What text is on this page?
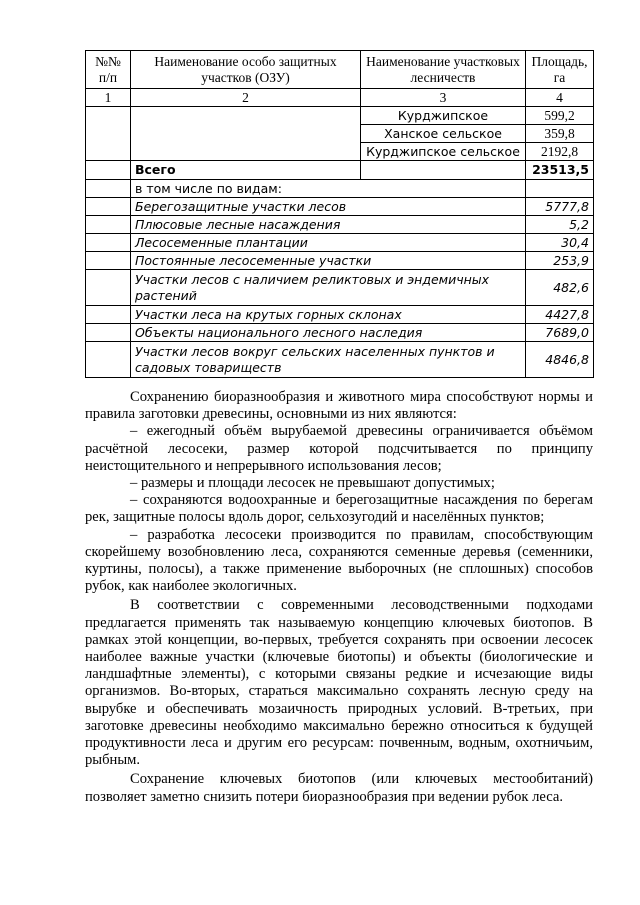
№№ п/п	Наименование особо защитных участков (ОЗУ)	Наименование участковых лесничеств	Площадь, га
1	2	3	4
		Курджипское	599,2
		Ханское сельское	359,8
		Курджипское сельское	2192,8
	Всего		23513,5
	в том числе по видам:		
	Берегозащитные участки лесов		5777,8
	Плюсовые лесные насаждения		5,2
	Лесосеменные плантации		30,4
	Постоянные лесосеменные участки		253,9
	Участки лесов с наличием реликтовых и эндемичных растений		482,6
	Участки леса на крутых горных склонах		4427,8
	Объекты национального лесного наследия		7689,0
	Участки лесов вокруг сельских населенных пунктов и садовых товариществ		4846,8

Сохранению биоразнообразия и животного мира способствуют нормы и правила заготовки древесины, основными из них являются:

– ежегодный объём вырубаемой древесины ограничивается объёмом расчётной лесосеки, размер которой подсчитывается по принципу неистощительного и непрерывного использования лесов;

– размеры и площади лесосек не превышают допустимых;

– сохраняются водоохранные и берегозащитные насаждения по берегам рек, защитные полосы вдоль дорог, сельхозугодий и населённых пунктов;

– разработка лесосеки производится по правилам, способствующим скорейшему возобновлению леса, сохраняются семенные деревья (семенники, куртины, полосы), а также применение выборочных (не сплошных) способов рубок, как наиболее экологичных.

В соответствии с современными лесоводственными подходами предлагается применять так называемую концепцию ключевых биотопов. В рамках этой концепции, во-первых, требуется сохранять при освоении лесосек наиболее важные участки (ключевые биотопы) и объекты (биологические и ландшафтные элементы), с которыми связаны редкие и исчезающие виды организмов. Во-вторых, стараться максимально сохранять лесную среду на вырубке и обеспечивать мозаичность природных условий. В-третьих, при заготовке древесины необходимо максимально бережно относиться к будущей продуктивности леса и другим его ресурсам: почвенным, водным, охотничьим, рыбным.

Сохранение ключевых биотопов (или ключевых местообитаний) позволяет заметно снизить потери биоразнообразия при ведении рубок леса.
